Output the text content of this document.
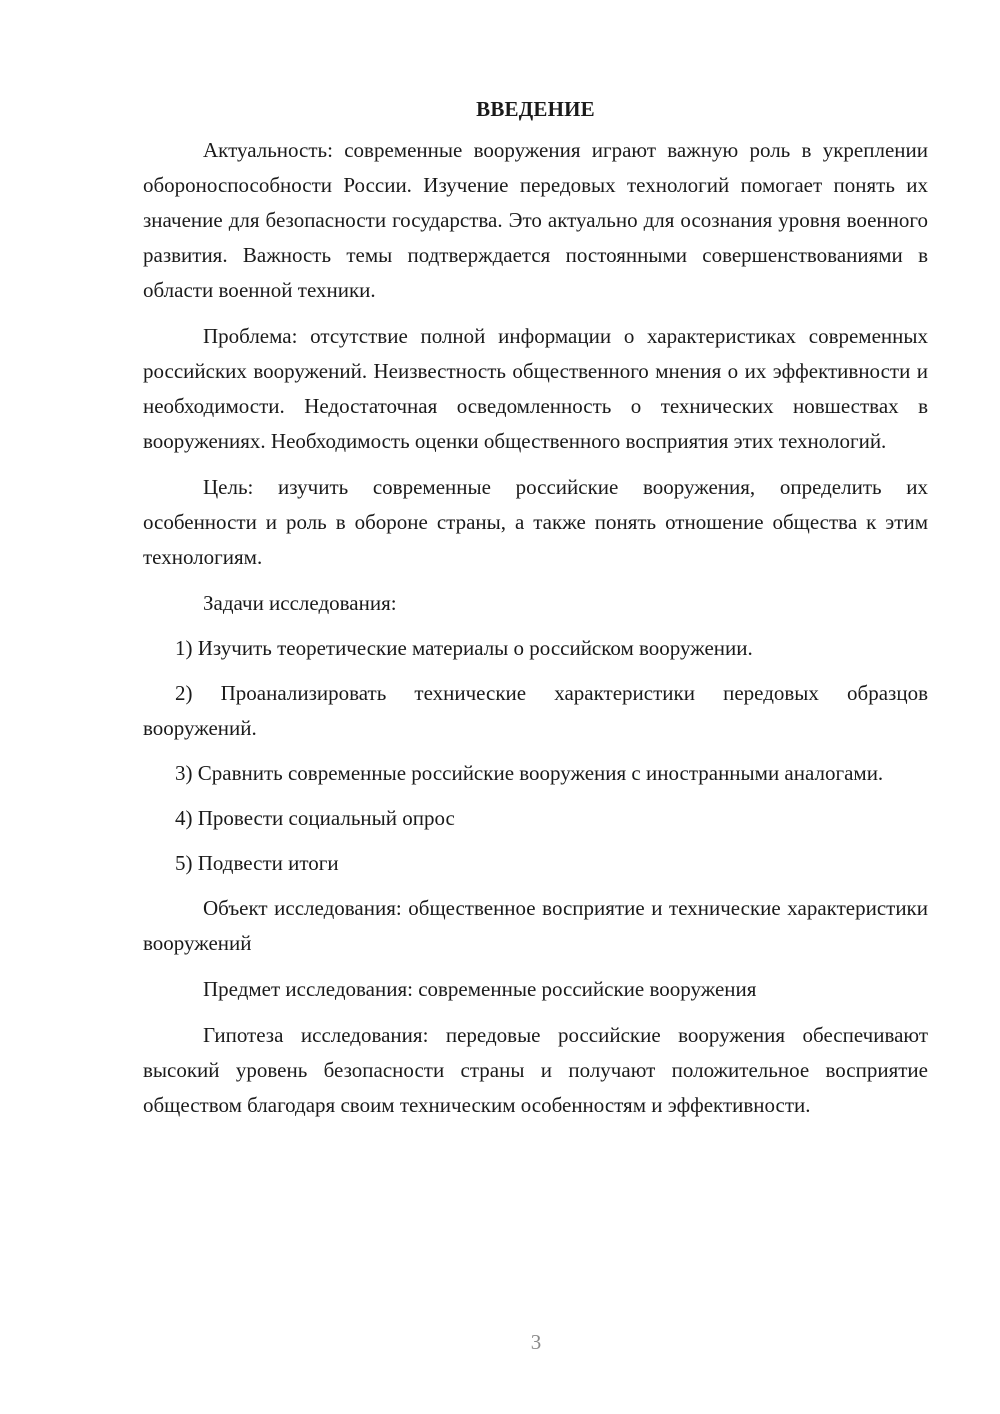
ВВЕДЕНИЕ
Актуальность: современные вооружения играют важную роль в укреплении обороноспособности России. Изучение передовых технологий помогает понять их значение для безопасности государства. Это актуально для осознания уровня военного развития. Важность темы подтверждается постоянными совершенствованиями в области военной техники.
Проблема: отсутствие полной информации о характеристиках современных российских вооружений. Неизвестность общественного мнения о их эффективности и необходимости. Недостаточная осведомленность о технических новшествах в вооружениях. Необходимость оценки общественного восприятия этих технологий.
Цель: изучить современные российские вооружения, определить их особенности и роль в обороне страны, а также понять отношение общества к этим технологиям.
Задачи исследования:
1) Изучить теоретические материалы о российском вооружении.
2) Проанализировать технические характеристики передовых образцов вооружений.
3) Сравнить современные российские вооружения с иностранными аналогами.
4) Провести социальный опрос
5) Подвести итоги
Объект исследования: общественное восприятие и технические характеристики вооружений
Предмет исследования: современные российские вооружения
Гипотеза исследования: передовые российские вооружения обеспечивают высокий уровень безопасности страны и получают положительное восприятие обществом благодаря своим техническим особенностям и эффективности.
3
